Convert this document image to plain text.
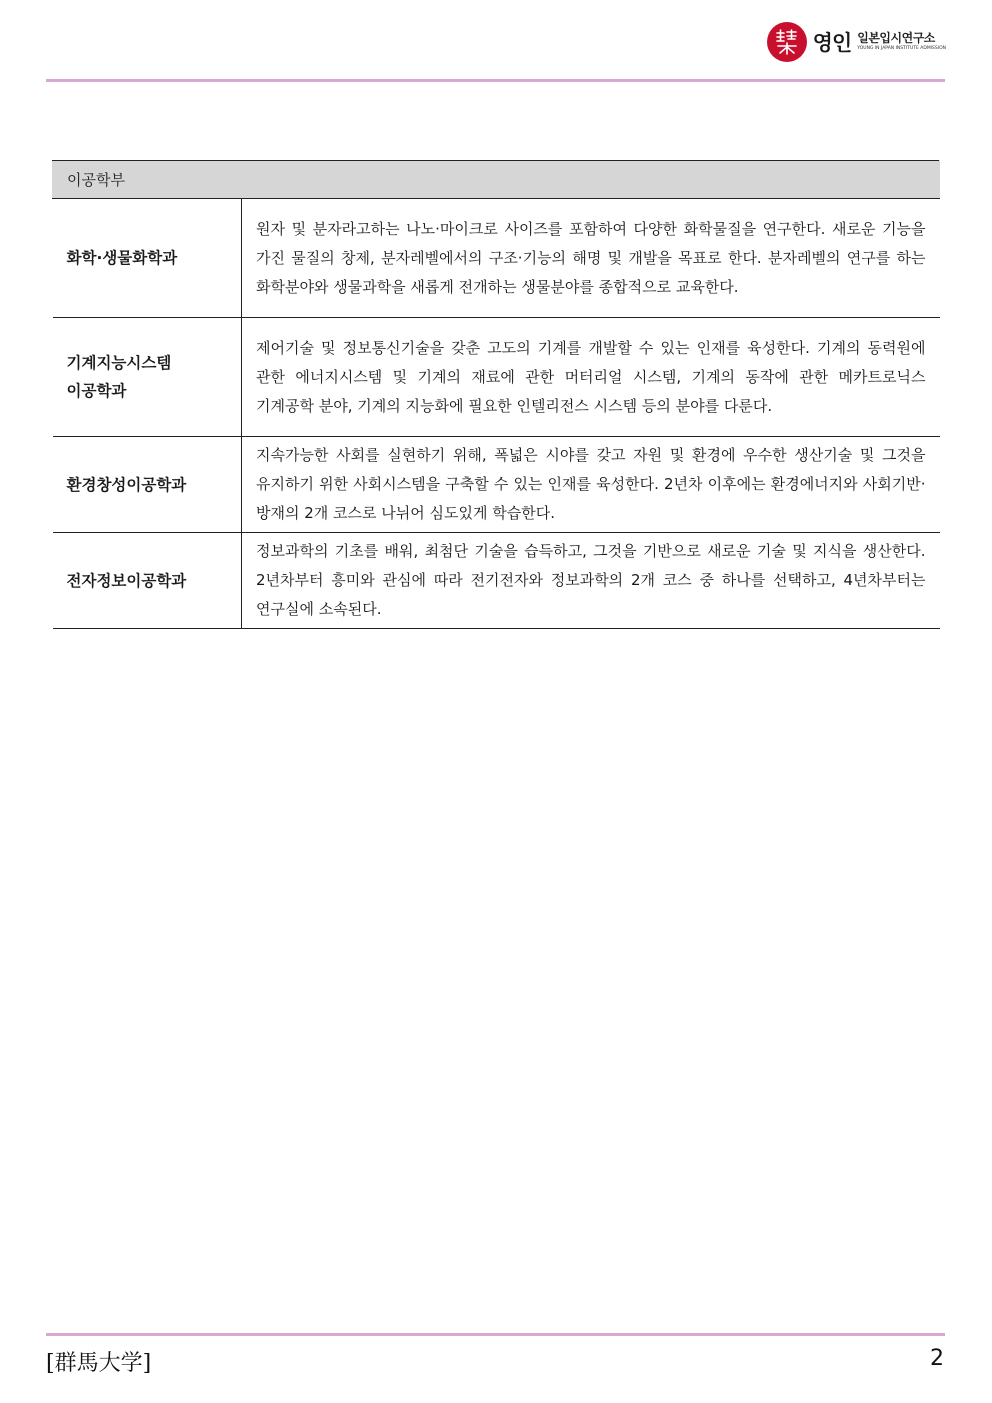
영인 일본입시연구소
YOUNG IN JAPAN INSTITUTE ADMISSION
이공학부	
화학·생물화학과	원자 및 분자라고하는 나노·마이크로 사이즈를 포함하여 다양한 화학물질을 연구한다. 새로운 기능을 가진 물질의 창제, 분자레벨에서의 구조·기능의 해명 및 개발을 목표로 한다. 분자레벨의 연구를 하는 화학분야와 생물과학을 새롭게 전개하는 생물분야를 종합적으로 교육한다.
기계지능시스템
이공학과	제어기술 및 정보통신기술을 갖춘 고도의 기계를 개발할 수 있는 인재를 육성한다. 기계의 동력원에 관한 에너지시스템 및 기계의 재료에 관한 머터리얼 시스템, 기계의 동작에 관한 메카트로닉스 기계공학 분야, 기계의 지능화에 필요한 인텔리전스 시스템 등의 분야를 다룬다.
환경창성이공학과	지속가능한 사회를 실현하기 위해, 폭넓은 시야를 갖고 자원 및 환경에 우수한 생산기술 및 그것을 유지하기 위한 사회시스템을 구축할 수 있는 인재를 육성한다. 2년차 이후에는 환경에너지와 사회기반·방재의 2개 코스로 나뉘어 심도있게 학습한다.
전자정보이공학과	정보과학의 기초를 배워, 최첨단 기술을 습득하고, 그것을 기반으로 새로운 기술 및 지식을 생산한다. 2년차부터 흥미와 관심에 따라 전기전자와 정보과학의 2개 코스 중 하나를 선택하고, 4년차부터는 연구실에 소속된다.
[群馬大学]	2
